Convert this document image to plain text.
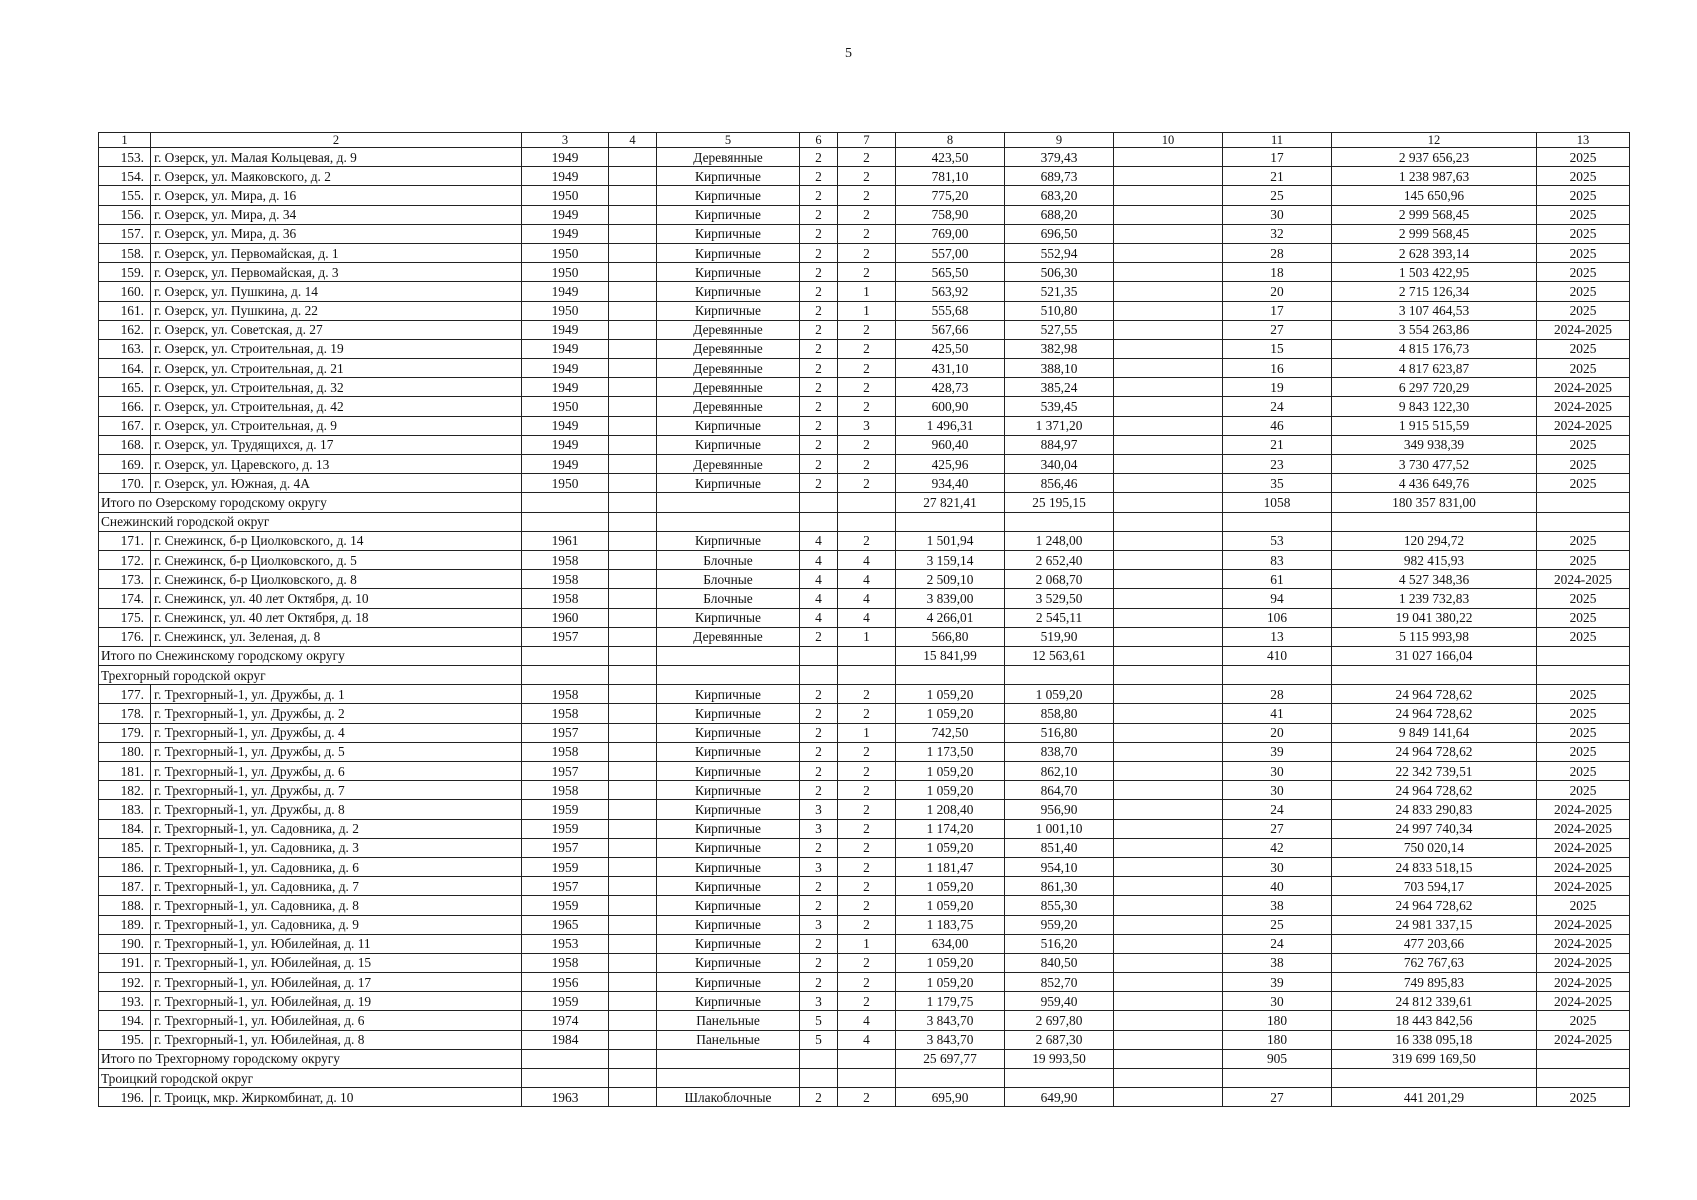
5
1	2	3	4	5	6	7	8	9	10	11	12	13
153.	г. Озерск, ул. Малая Кольцевая, д. 9	1949		Деревянные	2	2	423,50	379,43		17	2 937 656,23	2025
154.	г. Озерск, ул. Маяковского, д. 2	1949		Кирпичные	2	2	781,10	689,73		21	1 238 987,63	2025
155.	г. Озерск, ул. Мира, д. 16	1950		Кирпичные	2	2	775,20	683,20		25	145 650,96	2025
156.	г. Озерск, ул. Мира, д. 34	1949		Кирпичные	2	2	758,90	688,20		30	2 999 568,45	2025
157.	г. Озерск, ул. Мира, д. 36	1949		Кирпичные	2	2	769,00	696,50		32	2 999 568,45	2025
158.	г. Озерск, ул. Первомайская, д. 1	1950		Кирпичные	2	2	557,00	552,94		28	2 628 393,14	2025
159.	г. Озерск, ул. Первомайская, д. 3	1950		Кирпичные	2	2	565,50	506,30		18	1 503 422,95	2025
160.	г. Озерск, ул. Пушкина, д. 14	1949		Кирпичные	2	1	563,92	521,35		20	2 715 126,34	2025
161.	г. Озерск, ул. Пушкина, д. 22	1950		Кирпичные	2	1	555,68	510,80		17	3 107 464,53	2025
162.	г. Озерск, ул. Советская, д. 27	1949		Деревянные	2	2	567,66	527,55		27	3 554 263,86	2024-2025
163.	г. Озерск, ул. Строительная, д. 19	1949		Деревянные	2	2	425,50	382,98		15	4 815 176,73	2025
164.	г. Озерск, ул. Строительная, д. 21	1949		Деревянные	2	2	431,10	388,10		16	4 817 623,87	2025
165.	г. Озерск, ул. Строительная, д. 32	1949		Деревянные	2	2	428,73	385,24		19	6 297 720,29	2024-2025
166.	г. Озерск, ул. Строительная, д. 42	1950		Деревянные	2	2	600,90	539,45		24	9 843 122,30	2024-2025
167.	г. Озерск, ул. Строительная, д. 9	1949		Кирпичные	2	3	1 496,31	1 371,20		46	1 915 515,59	2024-2025
168.	г. Озерск, ул. Трудящихся, д. 17	1949		Кирпичные	2	2	960,40	884,97		21	349 938,39	2025
169.	г. Озерск, ул. Царевского, д. 13	1949		Деревянные	2	2	425,96	340,04		23	3 730 477,52	2025
170.	г. Озерск, ул. Южная, д. 4А	1950		Кирпичные	2	2	934,40	856,46		35	4 436 649,76	2025
Итого по Озерскому городскому округу							27 821,41	25 195,15		1058	180 357 831,00	
Снежинский городской округ												
171.	г. Снежинск, б-р Циолковского, д. 14	1961		Кирпичные	4	2	1 501,94	1 248,00		53	120 294,72	2025
172.	г. Снежинск, б-р Циолковского, д. 5	1958		Блочные	4	4	3 159,14	2 652,40		83	982 415,93	2025
173.	г. Снежинск, б-р Циолковского, д. 8	1958		Блочные	4	4	2 509,10	2 068,70		61	4 527 348,36	2024-2025
174.	г. Снежинск, ул. 40 лет Октября, д. 10	1958		Блочные	4	4	3 839,00	3 529,50		94	1 239 732,83	2025
175.	г. Снежинск, ул. 40 лет Октября, д. 18	1960		Кирпичные	4	4	4 266,01	2 545,11		106	19 041 380,22	2025
176.	г. Снежинск, ул. Зеленая, д. 8	1957		Деревянные	2	1	566,80	519,90		13	5 115 993,98	2025
Итого по Снежинскому городскому округу							15 841,99	12 563,61		410	31 027 166,04	
Трехгорный городской округ												
177.	г. Трехгорный-1, ул. Дружбы, д. 1	1958		Кирпичные	2	2	1 059,20	1 059,20		28	24 964 728,62	2025
178.	г. Трехгорный-1, ул. Дружбы, д. 2	1958		Кирпичные	2	2	1 059,20	858,80		41	24 964 728,62	2025
179.	г. Трехгорный-1, ул. Дружбы, д. 4	1957		Кирпичные	2	1	742,50	516,80		20	9 849 141,64	2025
180.	г. Трехгорный-1, ул. Дружбы, д. 5	1958		Кирпичные	2	2	1 173,50	838,70		39	24 964 728,62	2025
181.	г. Трехгорный-1, ул. Дружбы, д. 6	1957		Кирпичные	2	2	1 059,20	862,10		30	22 342 739,51	2025
182.	г. Трехгорный-1, ул. Дружбы, д. 7	1958		Кирпичные	2	2	1 059,20	864,70		30	24 964 728,62	2025
183.	г. Трехгорный-1, ул. Дружбы, д. 8	1959		Кирпичные	3	2	1 208,40	956,90		24	24 833 290,83	2024-2025
184.	г. Трехгорный-1, ул. Садовника, д. 2	1959		Кирпичные	3	2	1 174,20	1 001,10		27	24 997 740,34	2024-2025
185.	г. Трехгорный-1, ул. Садовника, д. 3	1957		Кирпичные	2	2	1 059,20	851,40		42	750 020,14	2024-2025
186.	г. Трехгорный-1, ул. Садовника, д. 6	1959		Кирпичные	3	2	1 181,47	954,10		30	24 833 518,15	2024-2025
187.	г. Трехгорный-1, ул. Садовника, д. 7	1957		Кирпичные	2	2	1 059,20	861,30		40	703 594,17	2024-2025
188.	г. Трехгорный-1, ул. Садовника, д. 8	1959		Кирпичные	2	2	1 059,20	855,30		38	24 964 728,62	2025
189.	г. Трехгорный-1, ул. Садовника, д. 9	1965		Кирпичные	3	2	1 183,75	959,20		25	24 981 337,15	2024-2025
190.	г. Трехгорный-1, ул. Юбилейная, д. 11	1953		Кирпичные	2	1	634,00	516,20		24	477 203,66	2024-2025
191.	г. Трехгорный-1, ул. Юбилейная, д. 15	1958		Кирпичные	2	2	1 059,20	840,50		38	762 767,63	2024-2025
192.	г. Трехгорный-1, ул. Юбилейная, д. 17	1956		Кирпичные	2	2	1 059,20	852,70		39	749 895,83	2024-2025
193.	г. Трехгорный-1, ул. Юбилейная, д. 19	1959		Кирпичные	3	2	1 179,75	959,40		30	24 812 339,61	2024-2025
194.	г. Трехгорный-1, ул. Юбилейная, д. 6	1974		Панельные	5	4	3 843,70	2 697,80		180	18 443 842,56	2025
195.	г. Трехгорный-1, ул. Юбилейная, д. 8	1984		Панельные	5	4	3 843,70	2 687,30		180	16 338 095,18	2024-2025
Итого по Трехгорному городскому округу							25 697,77	19 993,50		905	319 699 169,50	
Троицкий городской округ												
196.	г. Троицк, мкр. Жиркомбинат, д. 10	1963		Шлакоблочные	2	2	695,90	649,90		27	441 201,29	2025
